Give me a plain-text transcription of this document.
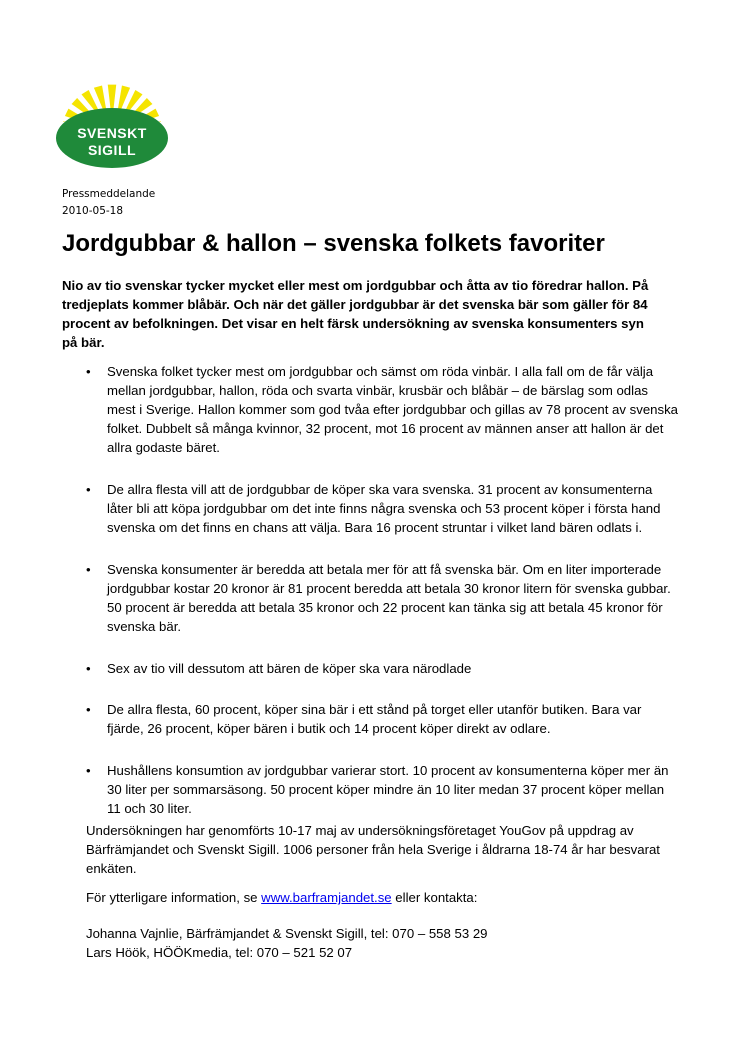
SVENSKT
SIGILL
Pressmeddelande
2010-05-18
Jordgubbar & hallon – svenska folkets favoriter

Nio av tio svenskar tycker mycket eller mest om jordgubbar och åtta av tio föredrar hallon. På tredjeplats kommer blåbär. Och när det gäller jordgubbar är det svenska bär som gäller för 84 procent av befolkningen. Det visar en helt färsk undersökning av svenska konsumenters syn på bär.

• Svenska folket tycker mest om jordgubbar och sämst om röda vinbär. I alla fall om de får välja mellan jordgubbar, hallon, röda och svarta vinbär, krusbär och blåbär – de bärslag som odlas mest i Sverige. Hallon kommer som god tvåa efter jordgubbar och gillas av 78 procent av svenska folket. Dubbelt så många kvinnor, 32 procent, mot 16 procent av männen anser att hallon är det allra godaste bäret.
• De allra flesta vill att de jordgubbar de köper ska vara svenska. 31 procent av konsumenterna låter bli att köpa jordgubbar om det inte finns några svenska och 53 procent köper i första hand svenska om det finns en chans att välja. Bara 16 procent struntar i vilket land bären odlats i.
• Svenska konsumenter är beredda att betala mer för att få svenska bär. Om en liter importerade jordgubbar kostar 20 kronor är 81 procent beredda att betala 30 kronor litern för svenska gubbar. 50 procent är beredda att betala 35 kronor och 22 procent kan tänka sig att betala 45 kronor för svenska bär.
• Sex av tio vill dessutom att bären de köper ska vara närodlade
• De allra flesta, 60 procent, köper sina bär i ett stånd på torget eller utanför butiken. Bara var fjärde, 26 procent, köper bären i butik och 14 procent köper direkt av odlare.
• Hushållens konsumtion av jordgubbar varierar stort. 10 procent av konsumenterna köper mer än 30 liter per sommarsäsong. 50 procent köper mindre än 10 liter medan 37 procent köper mellan 11 och 30 liter.

Undersökningen har genomförts 10-17 maj av undersökningsföretaget YouGov på uppdrag av Bärfrämjandet och Svenskt Sigill. 1006 personer från hela Sverige i åldrarna 18-74 år har besvarat enkäten.

För ytterligare information, se www.barframjandet.se eller kontakta:

Johanna Vajnlie, Bärfrämjandet & Svenskt Sigill, tel: 070 – 558 53 29
Lars Höök, HÖÖKmedia, tel: 070 – 521 52 07
